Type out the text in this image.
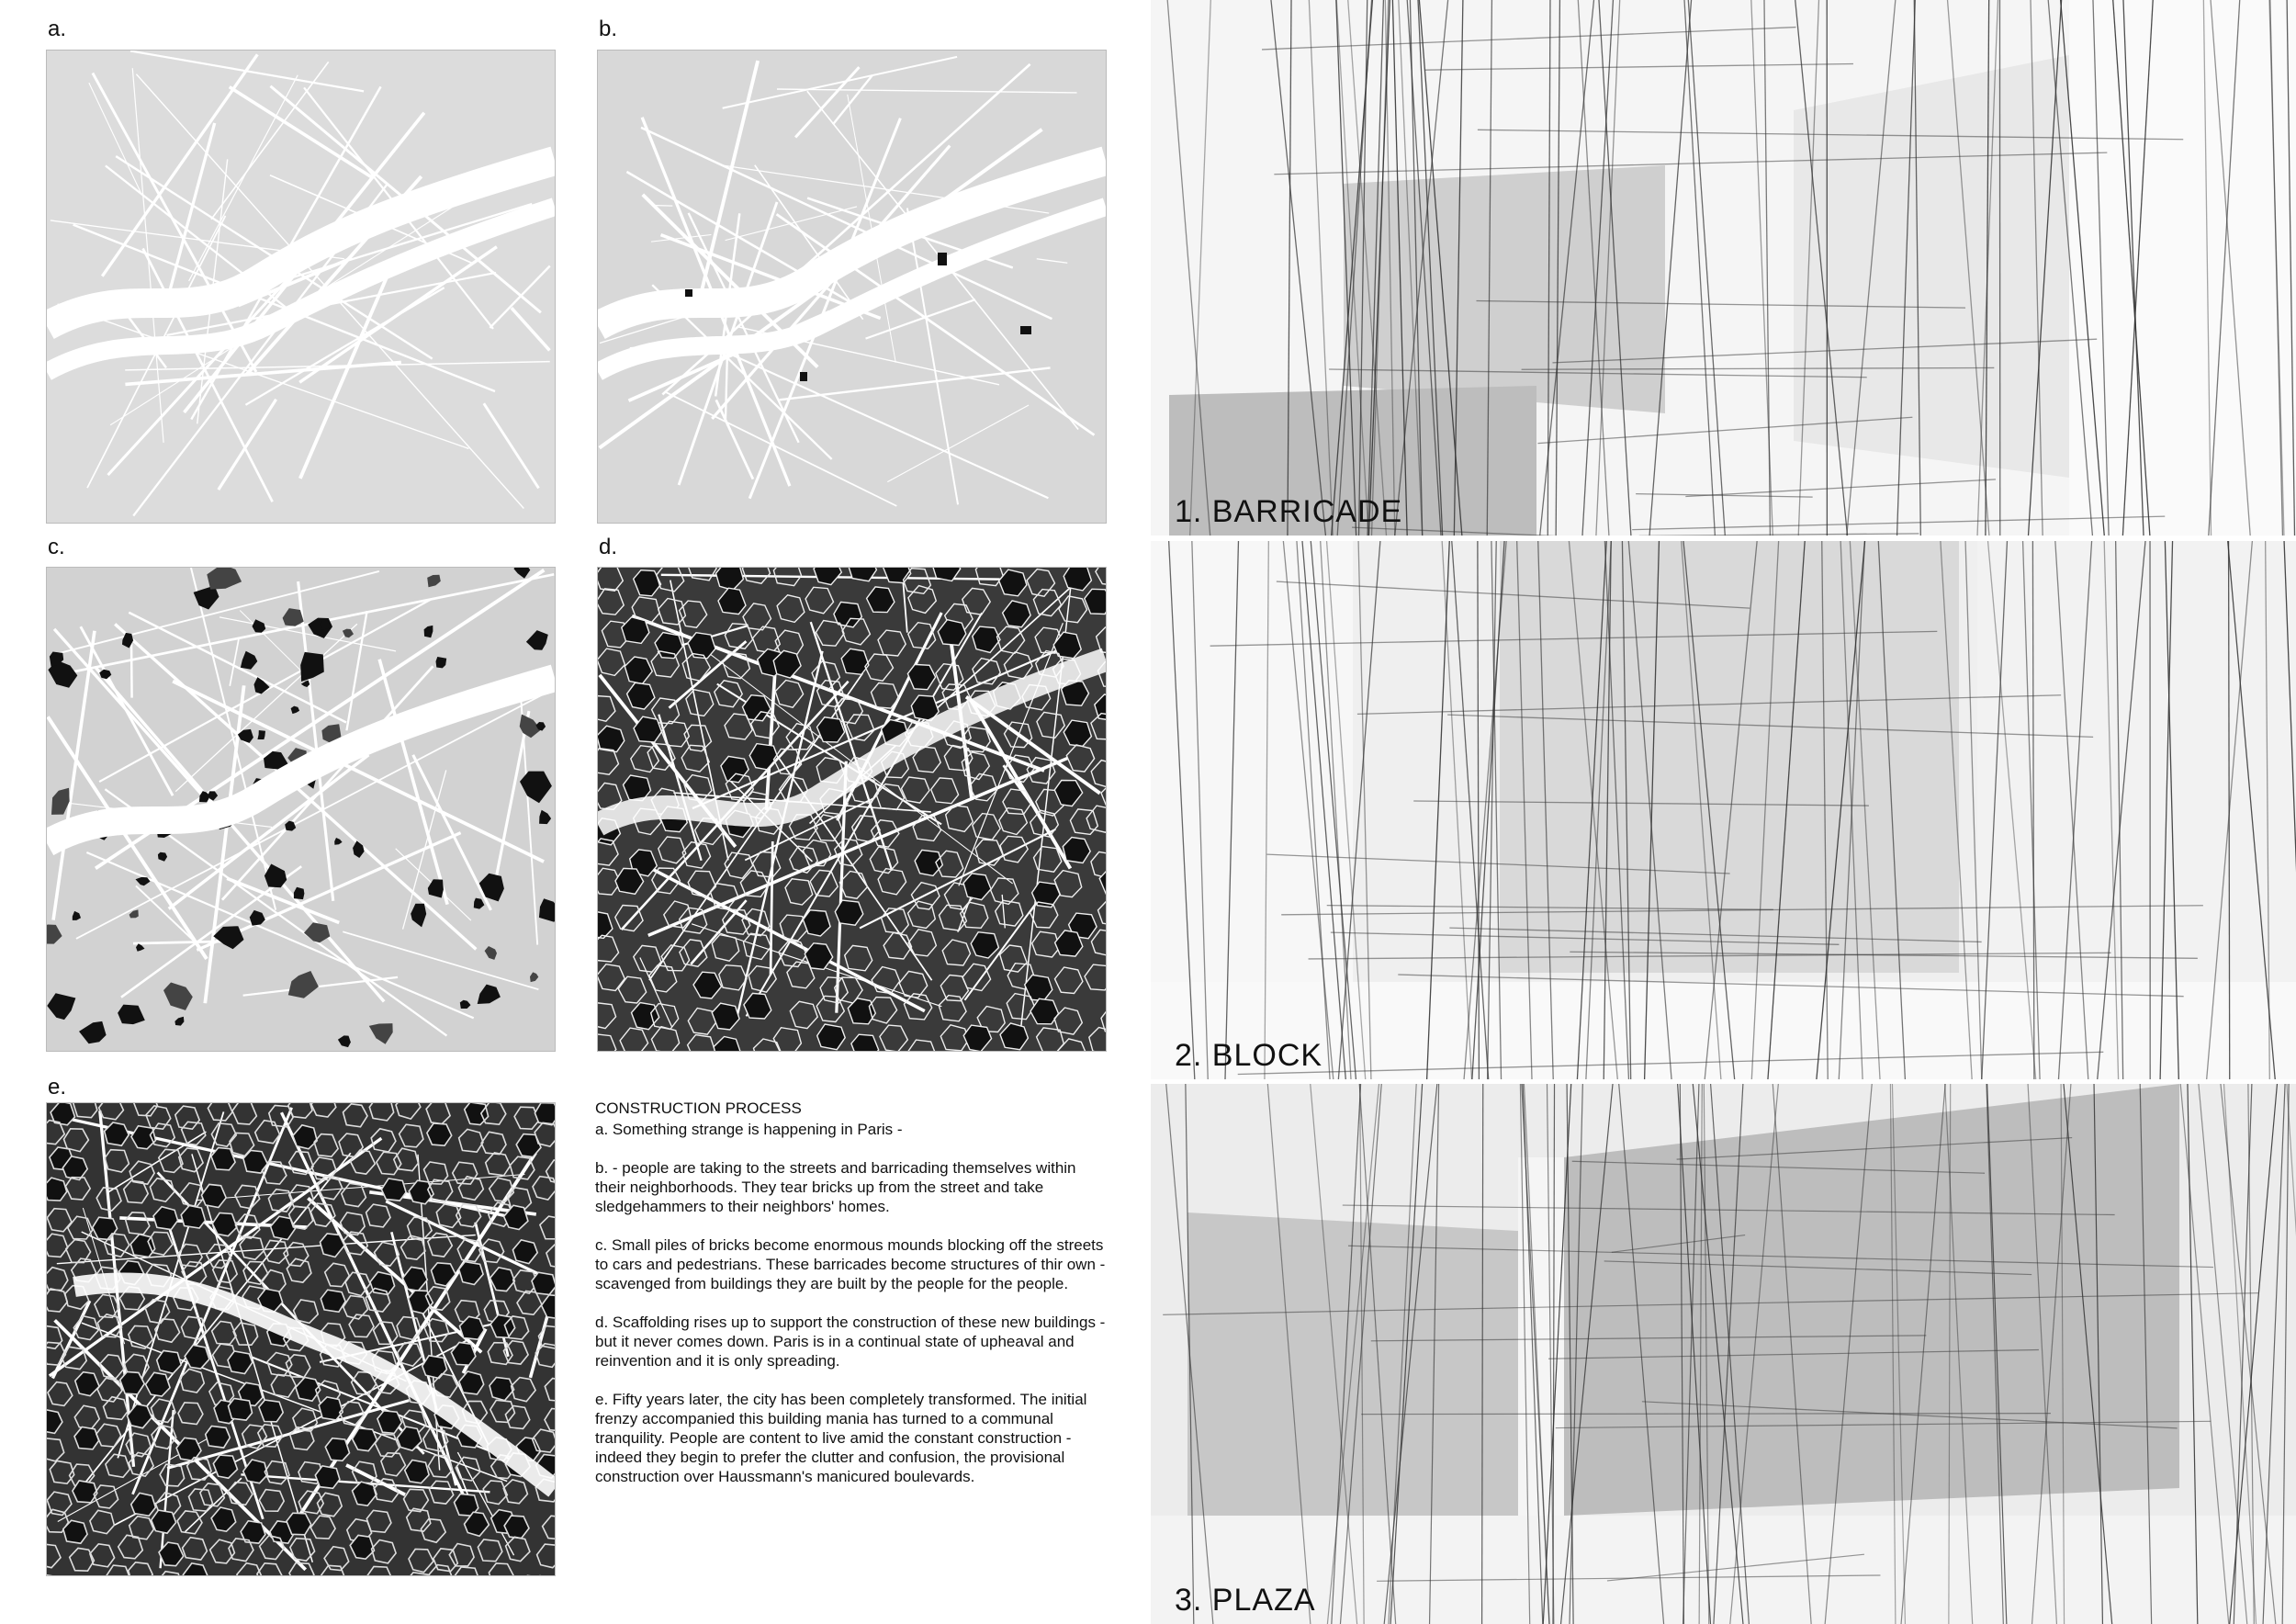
a.	b.
c.	d.
e.
CONSTRUCTION PROCESS

a. Something strange is happening in Paris -

b. - people are taking to the streets and barricading themselves within their neighborhoods. They tear bricks up from the street and take sledgehammers to their neighbors' homes.

c. Small piles of bricks become enormous mounds blocking off the streets to cars and pedestrians. These barricades become structures of thir own - scavenged from buildings they are built by the people for the people.

d. Scaffolding rises up to support the construction of these new buildings - but it never comes down. Paris is in a continual state of upheaval and reinvention and it is only spreading.

e. Fifty years later, the city has been completely transformed. The initial frenzy accompanied this building mania has turned to a communal tranquility. People are content to live amid the constant construction - indeed they begin to prefer the clutter and confusion, the provisional construction over Haussmann's manicured boulevards.

1. BARRICADE
2. BLOCK
3. PLAZA
